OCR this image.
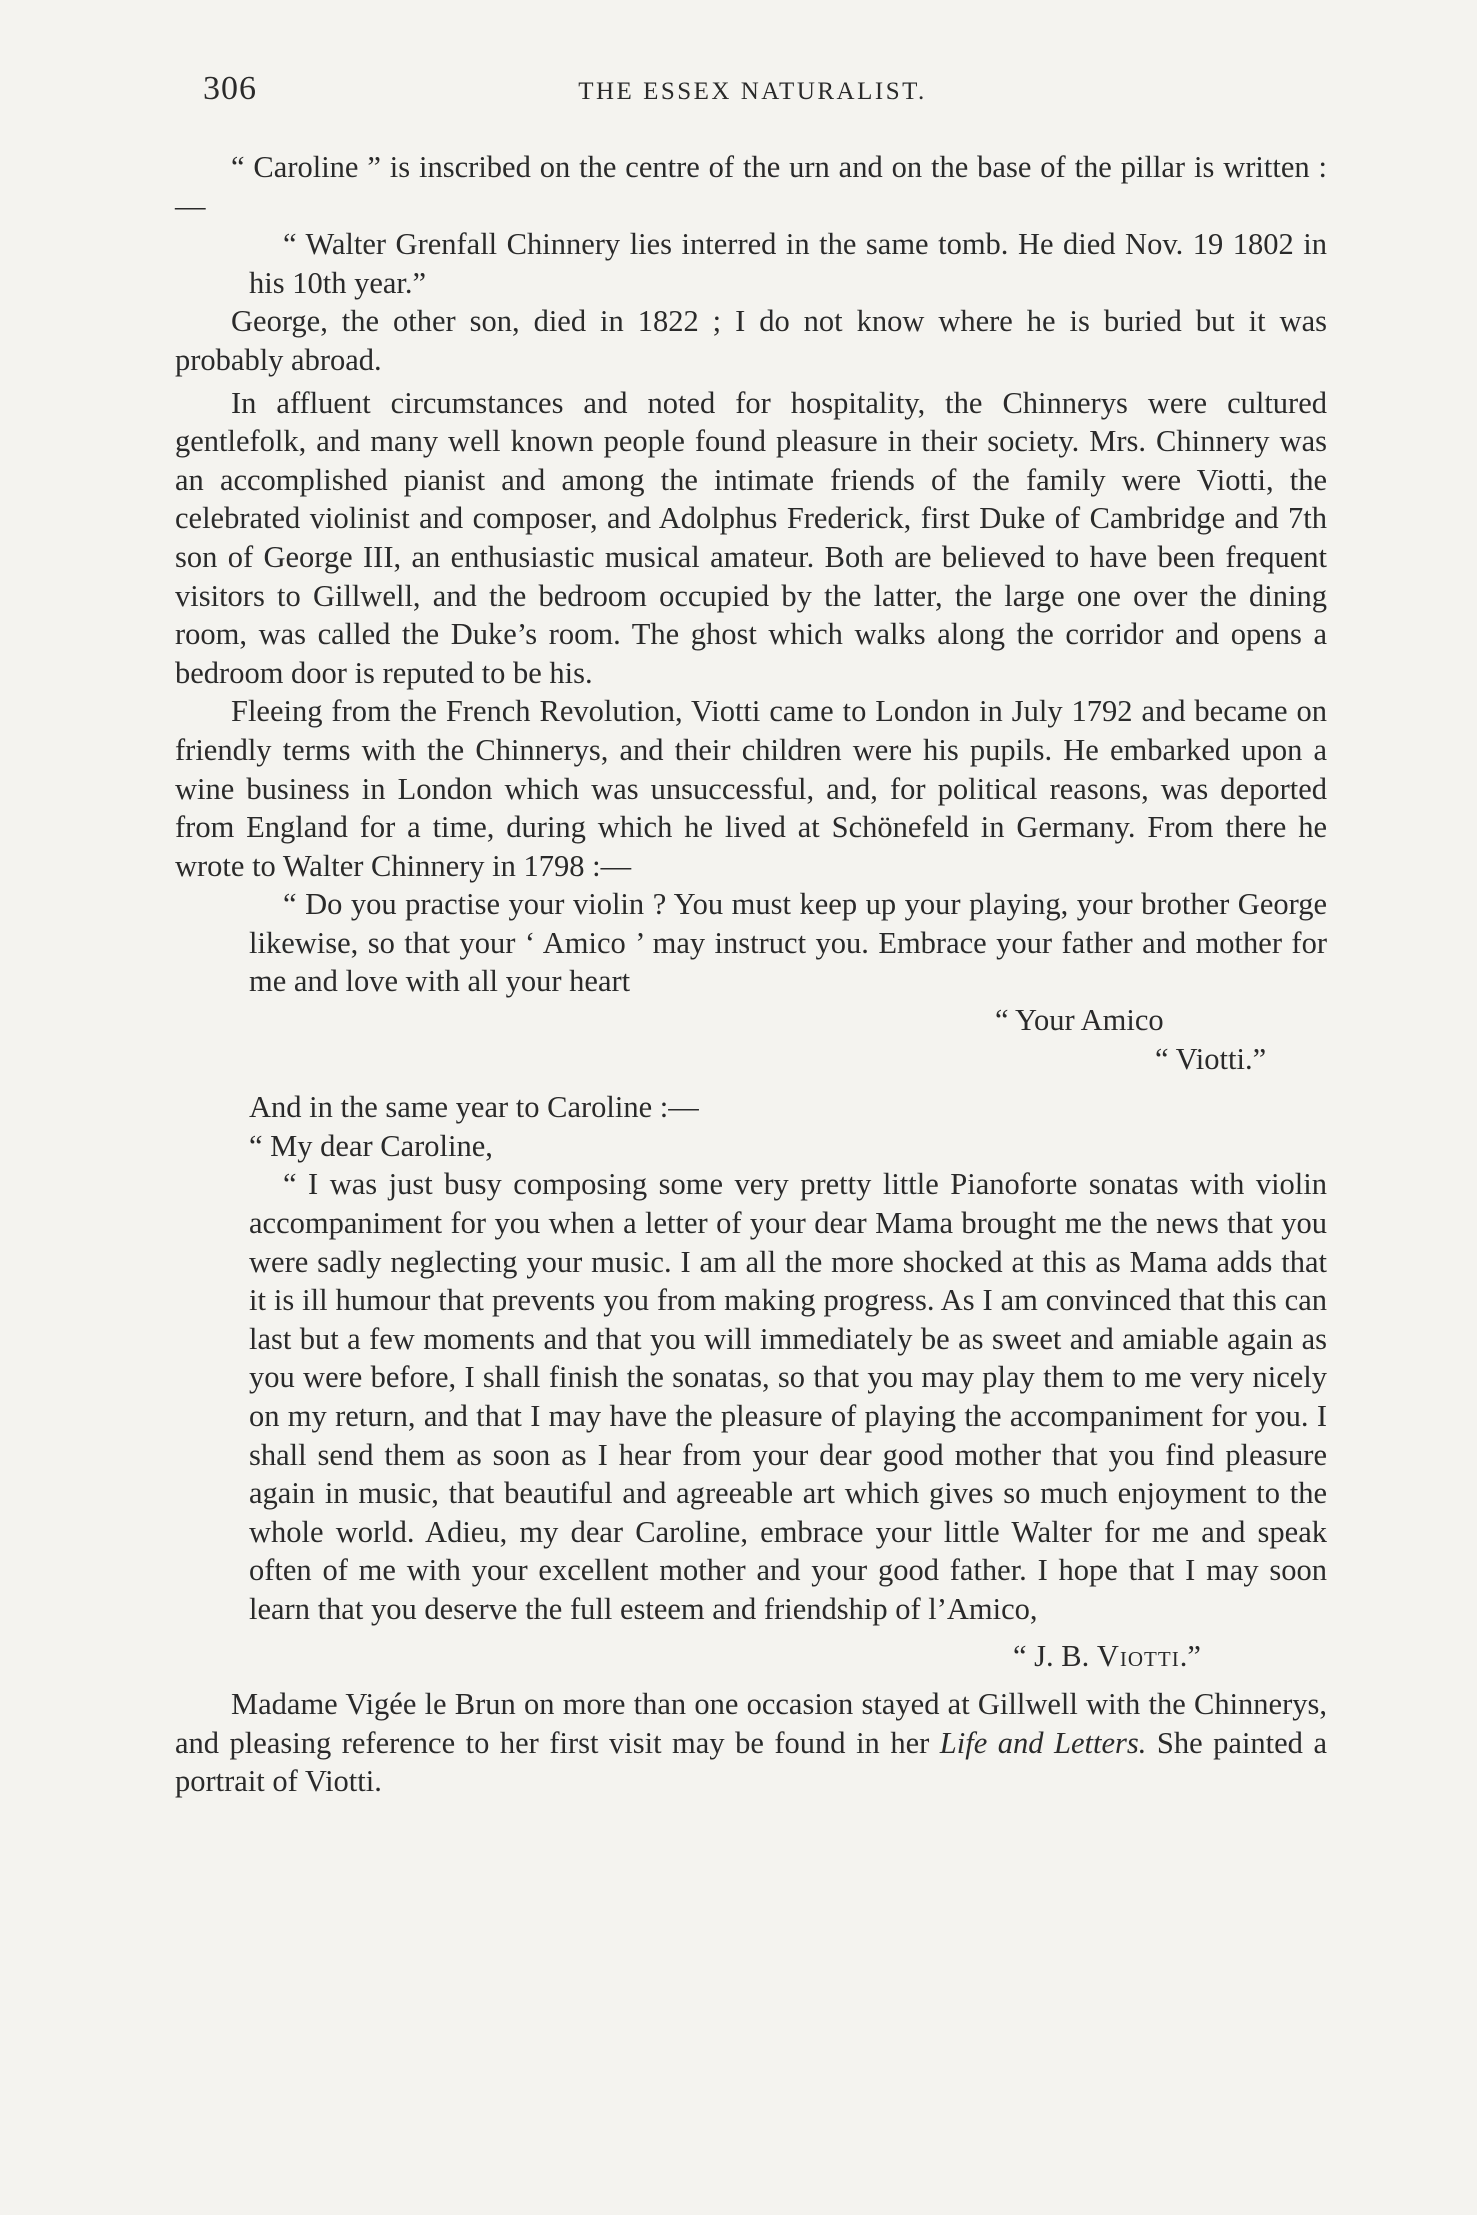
306	THE ESSEX NATURALIST.

“ Caroline ” is inscribed on the centre of the urn and on the base of the pillar is written :—

“ Walter Grenfall Chinnery lies interred in the same tomb. He died Nov. 19 1802 in his 10th year.”

George, the other son, died in 1822 ; I do not know where he is buried but it was probably abroad.

In affluent circumstances and noted for hospitality, the Chinnerys were cultured gentlefolk, and many well known people found pleasure in their society. Mrs. Chinnery was an accomplished pianist and among the intimate friends of the family were Viotti, the celebrated violinist and composer, and Adolphus Frederick, first Duke of Cambridge and 7th son of George III, an enthusiastic musical amateur. Both are believed to have been frequent visitors to Gillwell, and the bedroom occupied by the latter, the large one over the dining room, was called the Duke’s room. The ghost which walks along the corridor and opens a bedroom door is reputed to be his.

Fleeing from the French Revolution, Viotti came to London in July 1792 and became on friendly terms with the Chinnerys, and their children were his pupils. He embarked upon a wine business in London which was unsuccessful, and, for political reasons, was deported from England for a time, during which he lived at Schönefeld in Germany. From there he wrote to Walter Chinnery in 1798 :—

“ Do you practise your violin ? You must keep up your playing, your brother George likewise, so that your ‘ Amico ’ may instruct you. Embrace your father and mother for me and love with all your heart

“ Your Amico

“ Viotti.”

And in the same year to Caroline :—

“ My dear Caroline,

“ I was just busy composing some very pretty little Pianoforte sonatas with violin accompaniment for you when a letter of your dear Mama brought me the news that you were sadly neglecting your music. I am all the more shocked at this as Mama adds that it is ill humour that prevents you from making progress. As I am convinced that this can last but a few moments and that you will immediately be as sweet and amiable again as you were before, I shall finish the sonatas, so that you may play them to me very nicely on my return, and that I may have the pleasure of playing the accompaniment for you. I shall send them as soon as I hear from your dear good mother that you find pleasure again in music, that beautiful and agreeable art which gives so much enjoyment to the whole world. Adieu, my dear Caroline, embrace your little Walter for me and speak often of me with your excellent mother and your good father. I hope that I may soon learn that you deserve the full esteem and friendship of l’Amico,

“ J. B. Viotti.”

Madame Vigée le Brun on more than one occasion stayed at Gillwell with the Chinnerys, and pleasing reference to her first visit may be found in her Life and Letters. She painted a portrait of Viotti.
